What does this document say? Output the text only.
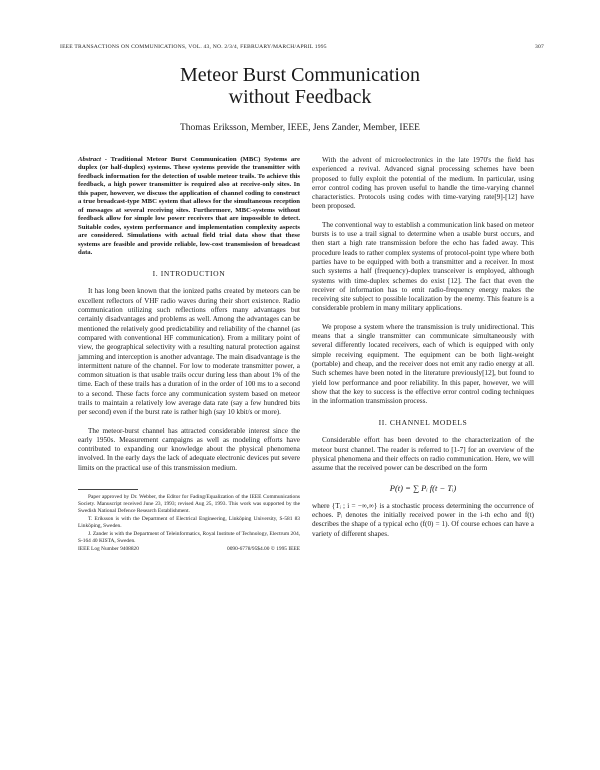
IEEE TRANSACTIONS ON COMMUNICATIONS, VOL. 43, NO. 2/3/4, FEBRUARY/MARCH/APRIL 1995	307
Meteor Burst Communication
without Feedback
Thomas Eriksson, Member, IEEE, Jens Zander, Member, IEEE

Abstract - Traditional Meteor Burst Communication (MBC) Systems are duplex (or half-duplex) systems. These systems provide the transmitter with feedback information for the detection of usable meteor trails. To achieve this feedback, a high power transmitter is required also at receive-only sites. In this paper, however, we discuss the application of channel coding to construct a true broadcast-type MBC system that allows for the simultaneous reception of messages at several receiving sites. Furthermore, MBC-systems without feedback allow for simple low power receivers that are impossible to detect. Suitable codes, system performance and implementation complexity aspects are considered. Simulations with actual field trial data show that these systems are feasible and provide reliable, low-cost transmission of broadcast data.

I. INTRODUCTION

It has long been known that the ionized paths created by meteors can be excellent reflectors of VHF radio waves during their short existence. Radio communication utilizing such reflections offers many advantages but certainly disadvantages and problems as well. Among the advantages can be mentioned the relatively good predictability and reliability of the channel (as compared with conventional HF communication). From a military point of view, the geographical selectivity with a resulting natural protection against jamming and interception is another advantage. The main disadvantage is the intermittent nature of the channel. For low to moderate transmitter power, a common situation is that usable trails occur during less than about 1% of the time. Each of these trails has a duration of in the order of 100 ms to a second to a second. These facts force any communication system based on meteor trails to maintain a relatively low average data rate (say a few hundred bits per second) even if the burst rate is rather high (say 10 kbit/s or more).

The meteor-burst channel has attracted considerable interest since the early 1950s. Measurement campaigns as well as modeling efforts have contributed to expanding our knowledge about the physical phenomena involved. In the early days the lack of adequate electronic devices put severe limits on the practical use of this transmission medium.

Paper approved by Dr. Webber, the Editor for Fading/Equalization of the IEEE Communications Society. Manuscript received June 23, 1993; revised Aug 25, 1993. This work was supported by the Swedish National Defence Research Establishment.

T. Eriksson is with the Department of Electrical Engineering, Linköping University, S-581 83 Linköping, Sweden.

J. Zander is with the Department of Teleinformatics, Royal Institute of Technology, Electrum 204, S-164 40 KISTA, Sweden.

IEEE Log Number 9408820	0090-6778/95$4.00 © 1995 IEEE

With the advent of microelectronics in the late 1970's the field has experienced a revival. Advanced signal processing schemes have been proposed to fully exploit the potential of the medium. In particular, using error control coding has proven useful to handle the time-varying channel characteristics. Protocols using codes with time-varying rate[9]-[12] have been proposed.

The conventional way to establish a communication link based on meteor bursts is to use a trail signal to determine when a usable burst occurs, and then start a high rate transmission before the echo has faded away. This procedure leads to rather complex systems of protocol-point type where both parties have to be equipped with both a transmitter and a receiver. In most such systems a half (frequency)-duplex transceiver is employed, although systems with time-duplex schemes do exist [12]. The fact that even the receiver of information has to emit radio-frequency energy makes the receiving site subject to possible localization by the enemy. This feature is a considerable problem in many military applications.

We propose a system where the transmission is truly unidirectional. This means that a single transmitter can communicate simultaneously with several differently located receivers, each of which is equipped with only simple receiving equipment. The equipment can be both light-weight (portable) and cheap, and the receiver does not emit any radio energy at all. Such schemes have been noted in the literature previously[12], but found to yield low performance and poor reliability. In this paper, however, we will show that the key to success is the effective error control coding techniques in the information transmission process.

II. CHANNEL MODELS

Considerable effort has been devoted to the characterization of the meteor burst channel. The reader is referred to [1-7] for an overview of the physical phenomena and their effects on radio communication. Here, we will assume that the received power can be described on the form

P(t) = ∑ Pᵢ f(t − Tᵢ)

where {Tᵢ ; i = −∞,∞} is a stochastic process determining the occurrence of echoes. Pᵢ denotes the initially received power in the i-th echo and f(t) describes the shape of a typical echo (f(0) = 1). Of course echoes can have a variety of different shapes.
